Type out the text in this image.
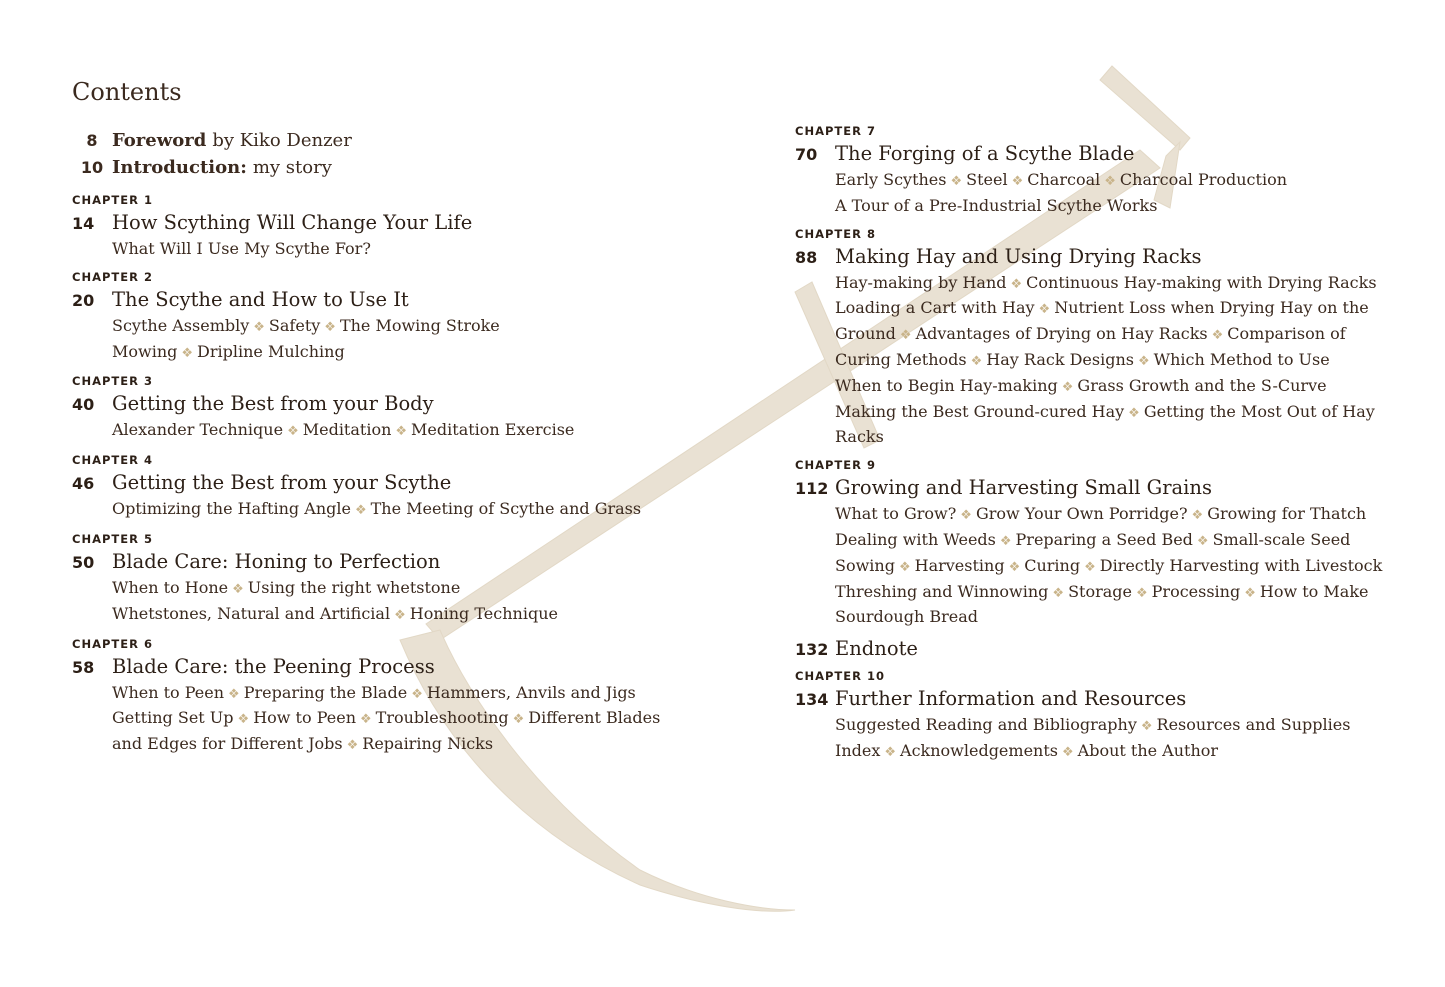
Contents
8 Foreword by Kiko Denzer
10 Introduction: my story
CHAPTER 1
14 How Scything Will Change Your Life
What Will I Use My Scythe For?
CHAPTER 2
20 The Scythe and How to Use It
Scythe Assembly ❖ Safety ❖ The Mowing Stroke
Mowing ❖ Dripline Mulching
CHAPTER 3
40 Getting the Best from your Body
Alexander Technique ❖ Meditation ❖ Meditation Exercise
CHAPTER 4
46 Getting the Best from your Scythe
Optimizing the Hafting Angle ❖ The Meeting of Scythe and Grass
CHAPTER 5
50 Blade Care: Honing to Perfection
When to Hone ❖ Using the right whetstone
Whetstones, Natural and Artificial ❖ Honing Technique
CHAPTER 6
58 Blade Care: the Peening Process
When to Peen ❖ Preparing the Blade ❖ Hammers, Anvils and Jigs
Getting Set Up ❖ How to Peen ❖ Troubleshooting ❖ Different Blades
and Edges for Different Jobs ❖ Repairing Nicks
CHAPTER 7
70 The Forging of a Scythe Blade
Early Scythes ❖ Steel ❖ Charcoal ❖ Charcoal Production
A Tour of a Pre-Industrial Scythe Works
CHAPTER 8
88 Making Hay and Using Drying Racks
Hay-making by Hand ❖ Continuous Hay-making with Drying Racks
Loading a Cart with Hay ❖ Nutrient Loss when Drying Hay on the
Ground ❖ Advantages of Drying on Hay Racks ❖ Comparison of
Curing Methods ❖ Hay Rack Designs ❖ Which Method to Use
When to Begin Hay-making ❖ Grass Growth and the S-Curve
Making the Best Ground-cured Hay ❖ Getting the Most Out of Hay
Racks
CHAPTER 9
112 Growing and Harvesting Small Grains
What to Grow? ❖ Grow Your Own Porridge? ❖ Growing for Thatch
Dealing with Weeds ❖ Preparing a Seed Bed ❖ Small-scale Seed
Sowing ❖ Harvesting ❖ Curing ❖ Directly Harvesting with Livestock
Threshing and Winnowing ❖ Storage ❖ Processing ❖ How to Make
Sourdough Bread
132 Endnote
CHAPTER 10
134 Further Information and Resources
Suggested Reading and Bibliography ❖ Resources and Supplies
Index ❖ Acknowledgements ❖ About the Author
